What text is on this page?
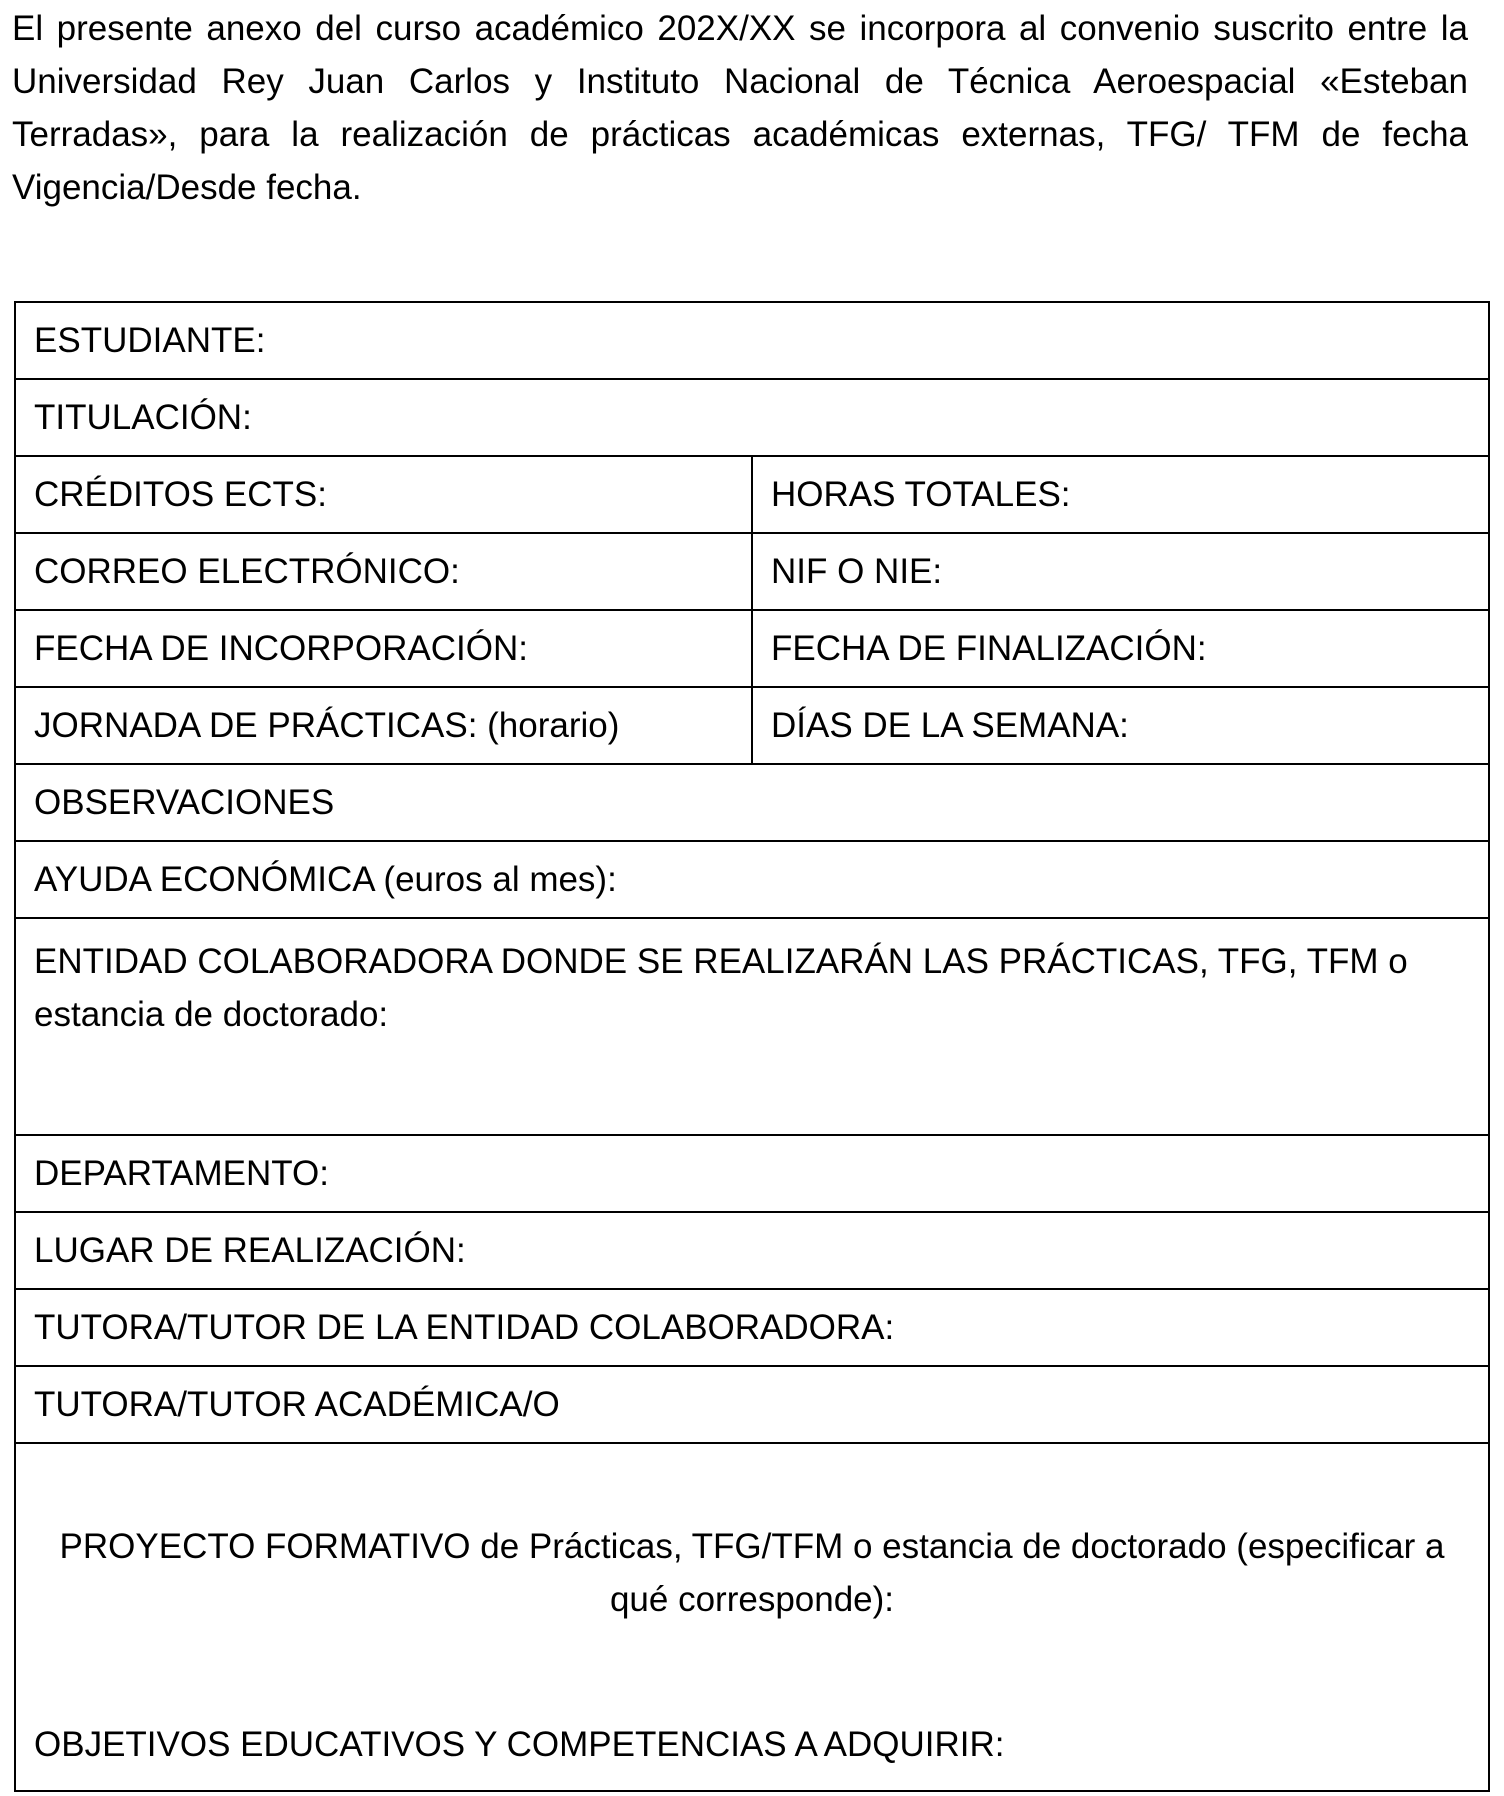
El presente anexo del curso académico 202X/XX se incorpora al convenio suscrito entre la Universidad Rey Juan Carlos y Instituto Nacional de Técnica Aeroespacial «Esteban Terradas», para la realización de prácticas académicas externas, TFG/ TFM de fecha Vigencia/Desde fecha.

ESTUDIANTE:	
TITULACIÓN:	
CRÉDITOS ECTS:	HORAS TOTALES:
CORREO ELECTRÓNICO:	NIF O NIE:
FECHA DE INCORPORACIÓN:	FECHA DE FINALIZACIÓN:
JORNADA DE PRÁCTICAS: (horario)	DÍAS DE LA SEMANA:
OBSERVACIONES	
AYUDA ECONÓMICA (euros al mes):	
ENTIDAD COLABORADORA DONDE SE REALIZARÁN LAS PRÁCTICAS, TFG, TFM o estancia de doctorado:	
DEPARTAMENTO:	
LUGAR DE REALIZACIÓN:	
TUTORA/TUTOR DE LA ENTIDAD COLABORADORA:	
TUTORA/TUTOR ACADÉMICA/O	

PROYECTO FORMATIVO de Prácticas, TFG/TFM o estancia de doctorado (especificar a qué corresponde):

OBJETIVOS EDUCATIVOS Y COMPETENCIAS A ADQUIRIR:	
